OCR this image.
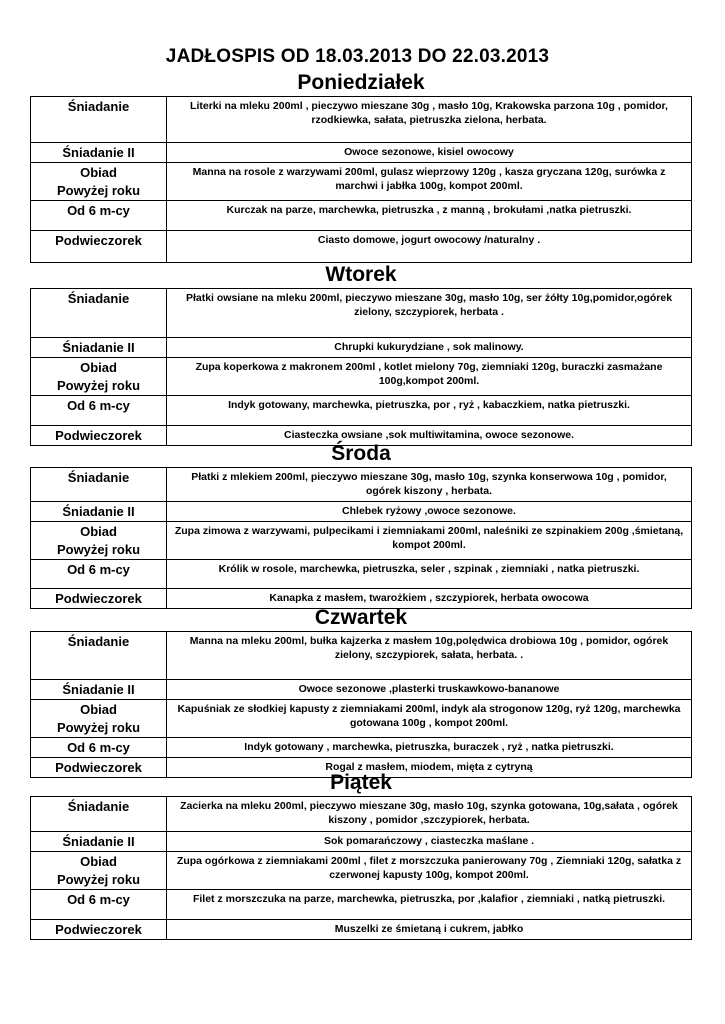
JADŁOSPIS OD 18.03.2013 DO 22.03.2013
Poniedziałek
Śniadanie	Literki na mleku 200ml , pieczywo mieszane 30g , masło 10g, Krakowska parzona 10g , pomidor, rzodkiewka, sałata, pietruszka zielona, herbata.
Śniadanie II	Owoce sezonowe, kisiel owocowy

Obiad
Powyżej roku	Manna na rosole z warzywami 200ml, gulasz wieprzowy 120g , kasza gryczana 120g, surówka z marchwi i jabłka 100g, kompot 200ml.
Od 6 m-cy	Kurczak na parze, marchewka, pietruszka , z manną , brokułami ,natka pietruszki.
Podwieczorek	Ciasto domowe, jogurt owocowy /naturalny .
Wtorek
Śniadanie	Płatki owsiane na mleku 200ml, pieczywo mieszane 30g, masło 10g, ser żółty 10g,pomidor,ogórek zielony, szczypiorek, herbata .
Śniadanie II	Chrupki kukurydziane , sok malinowy.

Obiad
Powyżej roku	Zupa koperkowa z makronem 200ml , kotlet mielony 70g, ziemniaki 120g, buraczki zasmażane 100g,kompot 200ml.
Od 6 m-cy	Indyk gotowany, marchewka, pietruszka, por , ryż , kabaczkiem, natka pietruszki.
Podwieczorek	Ciasteczka owsiane ,sok multiwitamina, owoce sezonowe.
Środa
Śniadanie	Płatki z mlekiem 200ml, pieczywo mieszane 30g, masło 10g, szynka konserwowa 10g , pomidor, ogórek kiszony , herbata.
Śniadanie II	Chlebek ryżowy ,owoce sezonowe.

Obiad
Powyżej roku	Zupa zimowa z warzywami, pulpecikami i ziemniakami 200ml, naleśniki ze szpinakiem 200g ,śmietaną, kompot 200ml.
Od 6 m-cy	Królik w rosole, marchewka, pietruszka, seler , szpinak , ziemniaki , natka pietruszki.
Podwieczorek	Kanapka z masłem, twarożkiem , szczypiorek, herbata owocowa
Czwartek
Śniadanie	Manna na mleku 200ml, bułka kajzerka z masłem 10g,polędwica drobiowa 10g , pomidor, ogórek zielony, szczypiorek, sałata, herbata. .
Śniadanie II	Owoce sezonowe ,plasterki truskawkowo-bananowe

Obiad
Powyżej roku	Kapuśniak ze słodkiej kapusty z ziemniakami 200ml, indyk ala strogonow 120g, ryż 120g, marchewka gotowana 100g , kompot 200ml.
Od 6 m-cy	Indyk gotowany , marchewka, pietruszka, buraczek , ryż , natka pietruszki.
Podwieczorek	Rogal z masłem, miodem, mięta z cytryną
Piątek
Śniadanie	Zacierka na mleku 200ml, pieczywo mieszane 30g, masło 10g, szynka gotowana, 10g,sałata , ogórek kiszony , pomidor ,szczypiorek, herbata.
Śniadanie II	Sok pomarańczowy , ciasteczka maślane .

Obiad
Powyżej roku	Zupa ogórkowa z ziemniakami 200ml , filet z morszczuka panierowany 70g , Ziemniaki 120g, sałatka z czerwonej kapusty 100g, kompot 200ml.
Od 6 m-cy	Filet z morszczuka na parze, marchewka, pietruszka, por ,kalafior , ziemniaki , natką pietruszki.
Podwieczorek	Muszelki ze śmietaną i cukrem, jabłko
